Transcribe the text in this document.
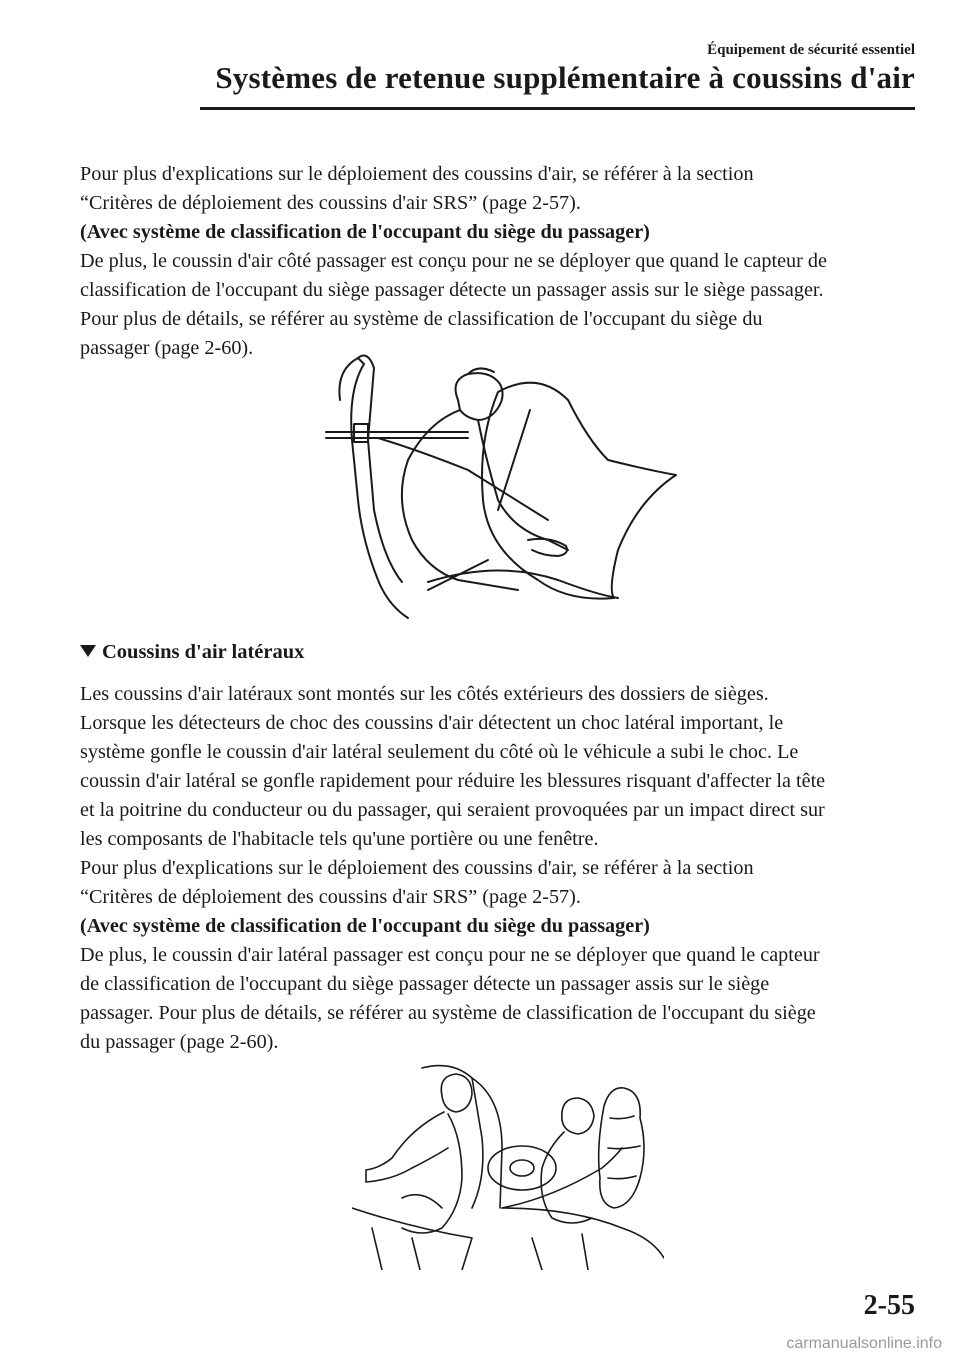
Équipement de sécurité essentiel
Systèmes de retenue supplémentaire à coussins d'air

Pour plus d'explications sur le déploiement des coussins d'air, se référer à la section

“Critères de déploiement des coussins d'air SRS” (page 2-57).

(Avec système de classification de l'occupant du siège du passager)

De plus, le coussin d'air côté passager est conçu pour ne se déployer que quand le capteur de

classification de l'occupant du siège passager détecte un passager assis sur le siège passager.

Pour plus de détails, se référer au système de classification de l'occupant du siège du

passager (page 2-60).

Coussins d'air latéraux

Les coussins d'air latéraux sont montés sur les côtés extérieurs des dossiers de sièges.

Lorsque les détecteurs de choc des coussins d'air détectent un choc latéral important, le

système gonfle le coussin d'air latéral seulement du côté où le véhicule a subi le choc. Le

coussin d'air latéral se gonfle rapidement pour réduire les blessures risquant d'affecter la tête

et la poitrine du conducteur ou du passager, qui seraient provoquées par un impact direct sur

les composants de l'habitacle tels qu'une portière ou une fenêtre.

Pour plus d'explications sur le déploiement des coussins d'air, se référer à la section

“Critères de déploiement des coussins d'air SRS” (page 2-57).

(Avec système de classification de l'occupant du siège du passager)

De plus, le coussin d'air latéral passager est conçu pour ne se déployer que quand le capteur

de classification de l'occupant du siège passager détecte un passager assis sur le siège

passager. Pour plus de détails, se référer au système de classification de l'occupant du siège

du passager (page 2-60).

2-55
carmanualsonline.info
